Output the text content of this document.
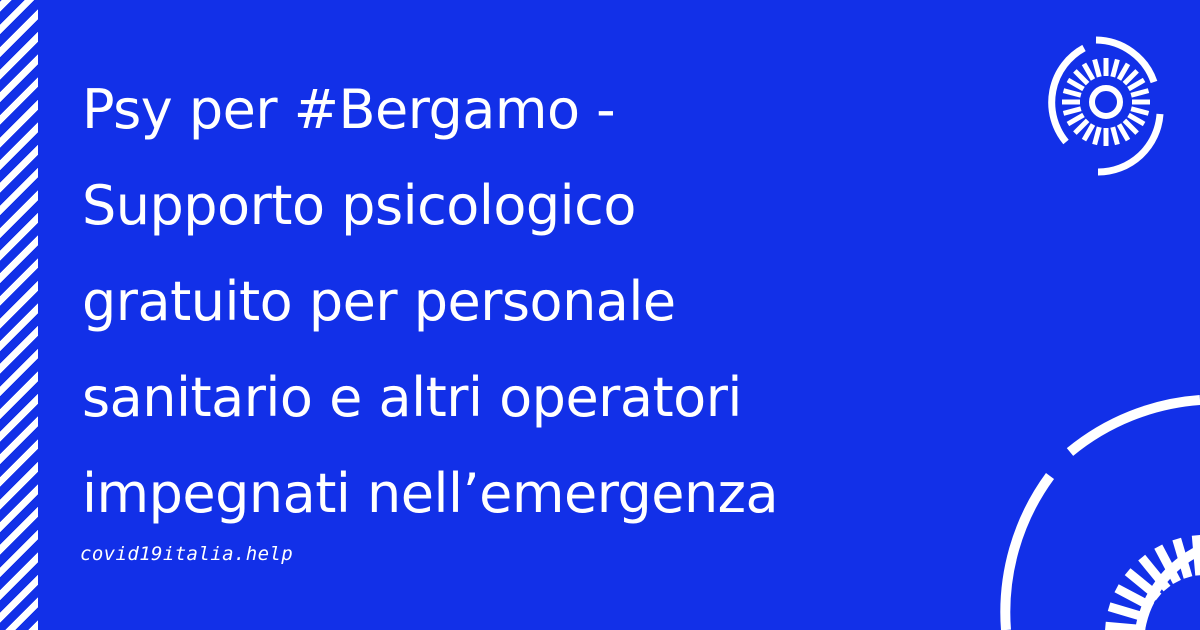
Psy per #Bergamo -
Supporto psicologico
gratuito per personale
sanitario e altri operatori
impegnati nell’emergenza
covid19italia.help
